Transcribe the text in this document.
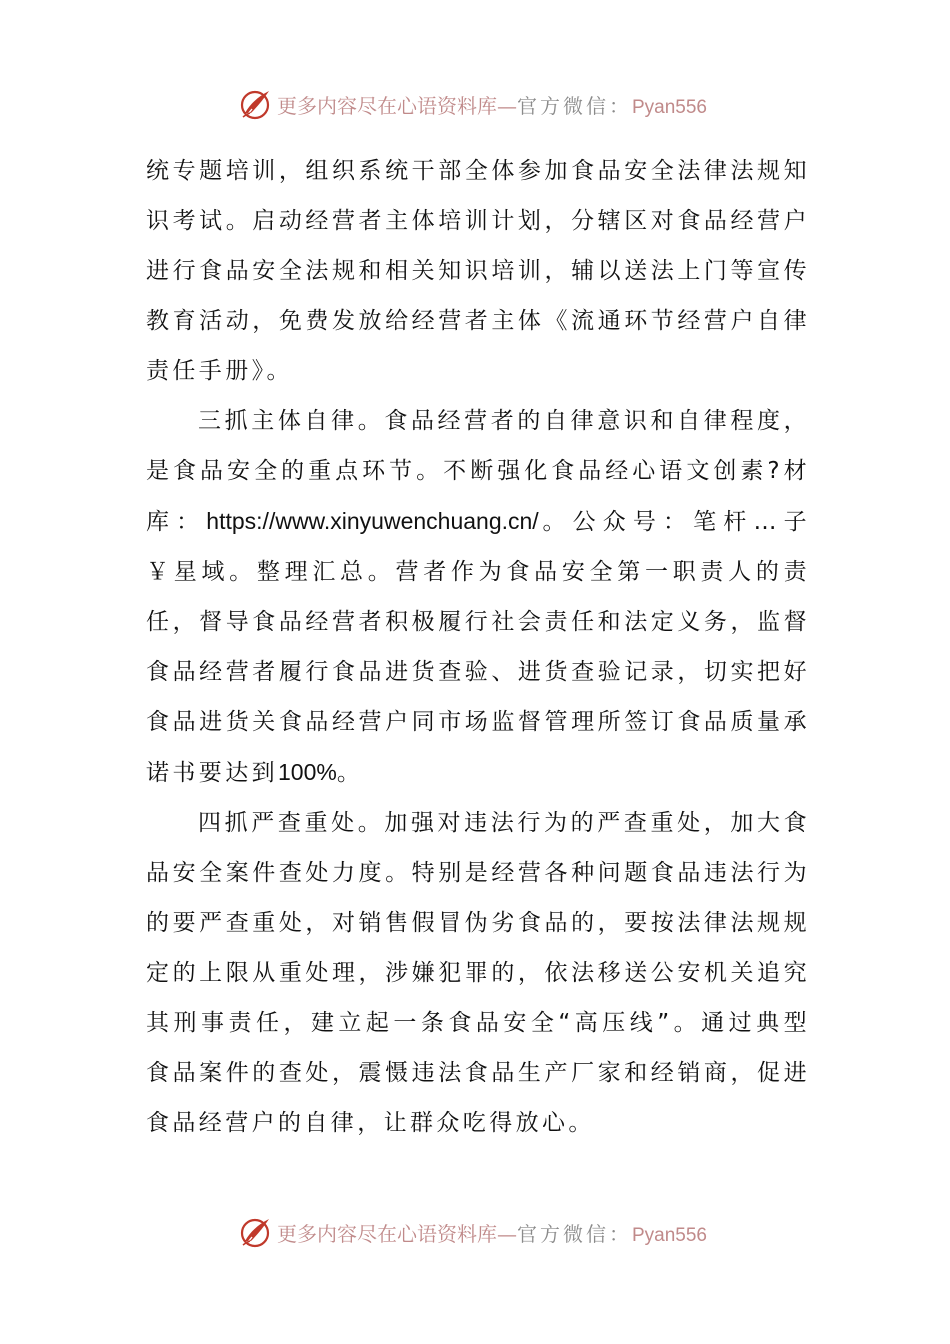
更多内容尽在心语资料库—官方微信：Pyan556

统专题培训，组织系统干部全体参加食品安全法律法规知识考试。启动经营者主体培训计划，分辖区对食品经营户进行食品安全法规和相关知识培训，辅以送法上门等宣传教育活动，免费发放给经营者主体《流通环节经营户自律责任手册》。

三抓主体自律。食品经营者的自律意识和自律程度，是食品安全的重点环节。不断强化食品经心语文创素?材库：https://www.xinyuwenchuang.cn/。公众号：笔杆…子￥星域。整理汇总。营者作为食品安全第一职责人的责任，督导食品经营者积极履行社会责任和法定义务，监督食品经营者履行食品进货查验、进货查验记录，切实把好食品进货关食品经营户同市场监督管理所签订食品质量承诺书要达到100%。

四抓严查重处。加强对违法行为的严查重处，加大食品安全案件查处力度。特别是经营各种问题食品违法行为的要严查重处，对销售假冒伪劣食品的，要按法律法规规定的上限从重处理，涉嫌犯罪的，依法移送公安机关追究其刑事责任，建立起一条食品安全“高压线”。通过典型食品案件的查处，震慑违法食品生产厂家和经销商，促进食品经营户的自律，让群众吃得放心。

更多内容尽在心语资料库—官方微信：Pyan556
